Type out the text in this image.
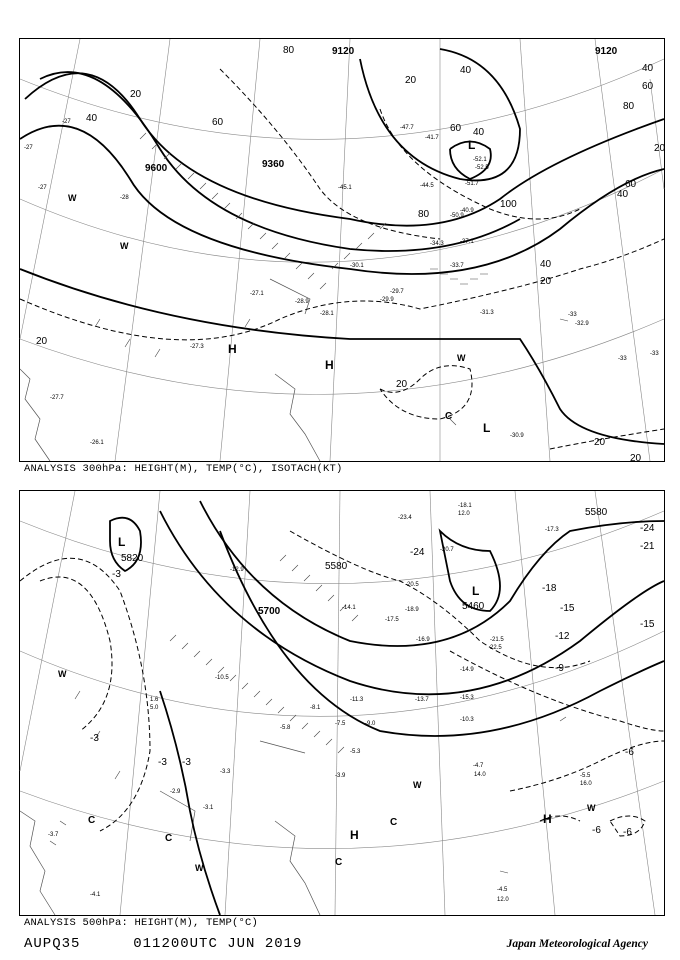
9120	9120
9600	9360
20
40	60
80
100
20
40
60
80
40
20
20
20
40
60
80
60
40
20
20
20
40
L
H
H
W
W
W
C
L
-27
-27
-27
-28
-29.9
-31.3
-32.9
-33
-33
-33
-30.9
-27.3
-26.1
-27.7
-34.3
-33.7
-41.7
-47.7
-52.1
-52.5
-51.7
-50.9
-45.1	-44.5
-40.9
-37.1
-29.7
-27.1
-28.1
-28.9
-30.1
ANALYSIS 300hPa: HEIGHT(M), TEMP(°C), ISOTACH(KT)
5820
5580
5700
5580
5460
-3
-3
-6
-6
-9
-12
-15
-15
-18
-21
-24
-24
-3 -3
-6
L
L
W
W
W
W
C
C
C
C
H
H
-3.7
-4.1
-4.5
12.0
-5.3
-3.9
-4.7
14.0	-5.5
16.0
-3.1
-2.9
-3.3
-18.1
12.0
-17.3
-21.5
22.5
-10.3
-13.7
-14.9
-15.3
-16.9
-20.5
-20.7
-23.4
-17.5
-18.9
-14.1
-12.9
-10.5
-11.3
1.6
5.0	-8.1
-7.5	-9.0
-5.8
ANALYSIS 500hPa: HEIGHT(M), TEMP(°C)
AUPQ35	011200UTC JUN 2019	Japan Meteorological Agency
